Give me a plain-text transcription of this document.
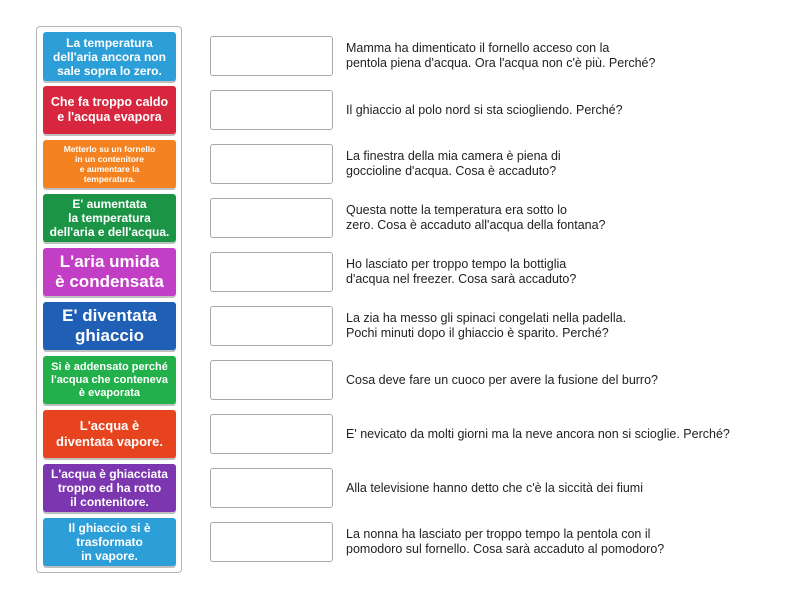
La temperatura
dell'aria ancora non
sale sopra lo zero.
Che fa troppo caldo
e l'acqua evapora
Metterlo su un fornello
in un contenitore
e aumentare la
temperatura.
E' aumentata
la temperatura
dell'aria e dell'acqua.
L'aria umida
è condensata
E' diventata
ghiaccio
Si è addensato perché
l'acqua che conteneva
è evaporata
L'acqua è
diventata vapore.
L'acqua è ghiacciata
troppo ed ha rotto
il contenitore.
Il ghiaccio si è
trasformato
in vapore.
Mamma ha dimenticato il fornello acceso con la
pentola piena d'acqua. Ora l'acqua non c'è più. Perché?
Il ghiaccio al polo nord si sta sciogliendo. Perché?
La finestra della mia camera è piena di
goccioline d'acqua. Cosa è accaduto?
Questa notte la temperatura era sotto lo
zero. Cosa è accaduto all'acqua della fontana?
Ho lasciato per troppo tempo la bottiglia
d'acqua nel freezer. Cosa sarà accaduto?
La zia ha messo gli spinaci congelati nella padella.
Pochi minuti dopo il ghiaccio è sparito. Perché?
Cosa deve fare un cuoco per avere la fusione del burro?
E' nevicato da molti giorni ma la neve ancora non si scioglie. Perché?
Alla televisione hanno detto che c'è la siccità dei fiumi
La nonna ha lasciato per troppo tempo la pentola con il
pomodoro sul fornello. Cosa sarà accaduto al pomodoro?
